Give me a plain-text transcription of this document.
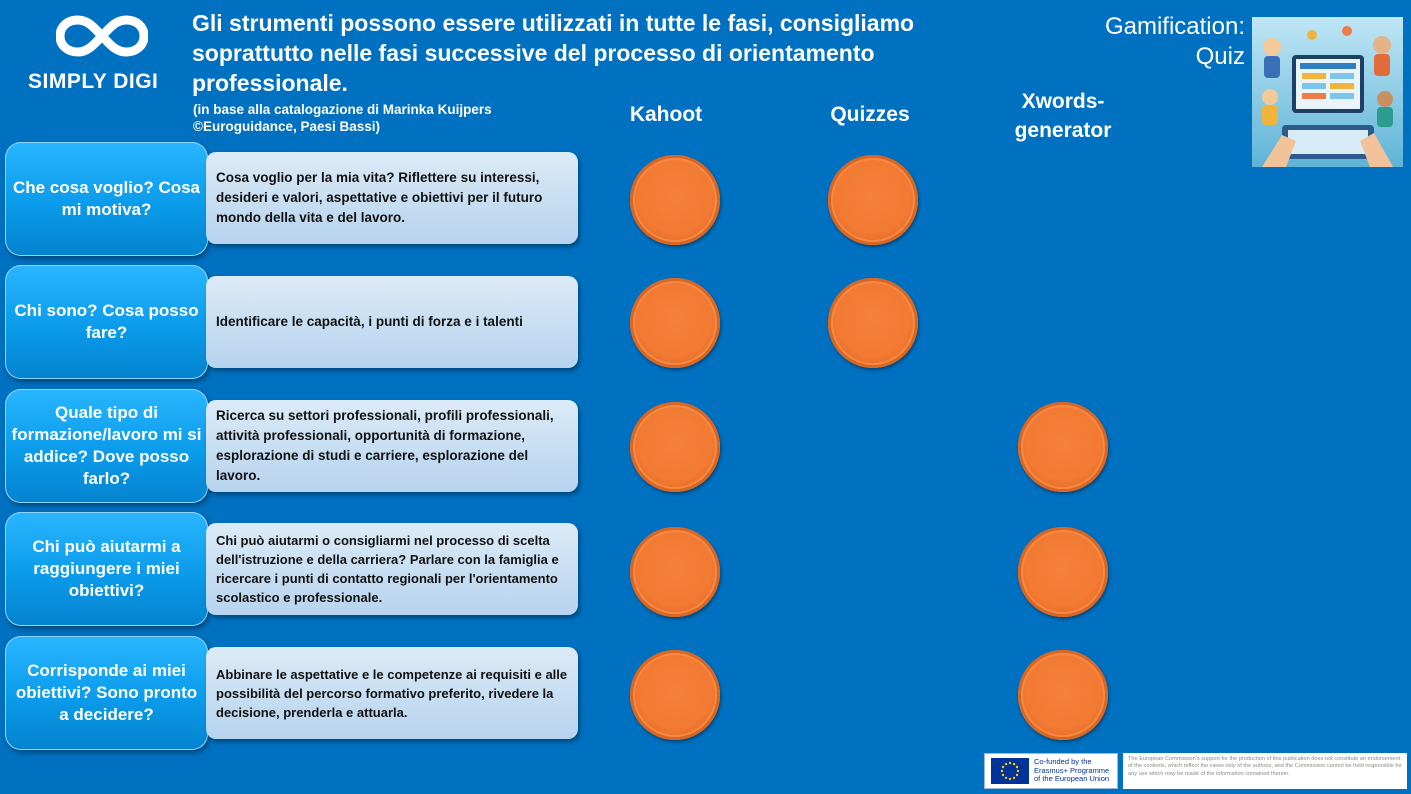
SIMPLY DIGI
Gli strumenti possono essere utilizzati in tutte le fasi, consigliamo
soprattutto nelle fasi successive del processo di orientamento
professionale.
(in base alla catalogazione di Marinka Kuijpers
©Euroguidance, Paesi Bassi)
Gamification:
Quiz
Kahoot	Quizzes
Xwords-
generator
Che cosa voglio? Cosa mi motiva?
Cosa voglio per la mia vita? Riflettere su interessi, desideri e valori, aspettative e obiettivi per il futuro mondo della vita e del lavoro.
Chi sono? Cosa posso fare?
Identificare le capacità, i punti di forza e i talenti
Quale tipo di formazione/lavoro mi si addice? Dove posso farlo?
Ricerca su settori professionali, profili professionali, attività professionali, opportunità di formazione, esplorazione di studi e carriere, esplorazione del lavoro.
Chi può aiutarmi a raggiungere i miei obiettivi?
Chi può aiutarmi o consigliarmi nel processo di scelta dell'istruzione e della carriera? Parlare con la famiglia e ricercare i punti di contatto regionali per l'orientamento scolastico e professionale.
Corrisponde ai miei obiettivi? Sono pronto a decidere?
Abbinare le aspettative e le competenze ai requisiti e alle possibilità del percorso formativo preferito, rivedere la decisione, prenderla e attuarla.
Co-funded by the
Erasmus+ Programme
of the European Union
The European Commission's support for the production of this publication does not constitute an endorsement of the contents, which reflect the views only of the authors, and the Commission cannot be held responsible for any use which may be made of the information contained therein.
